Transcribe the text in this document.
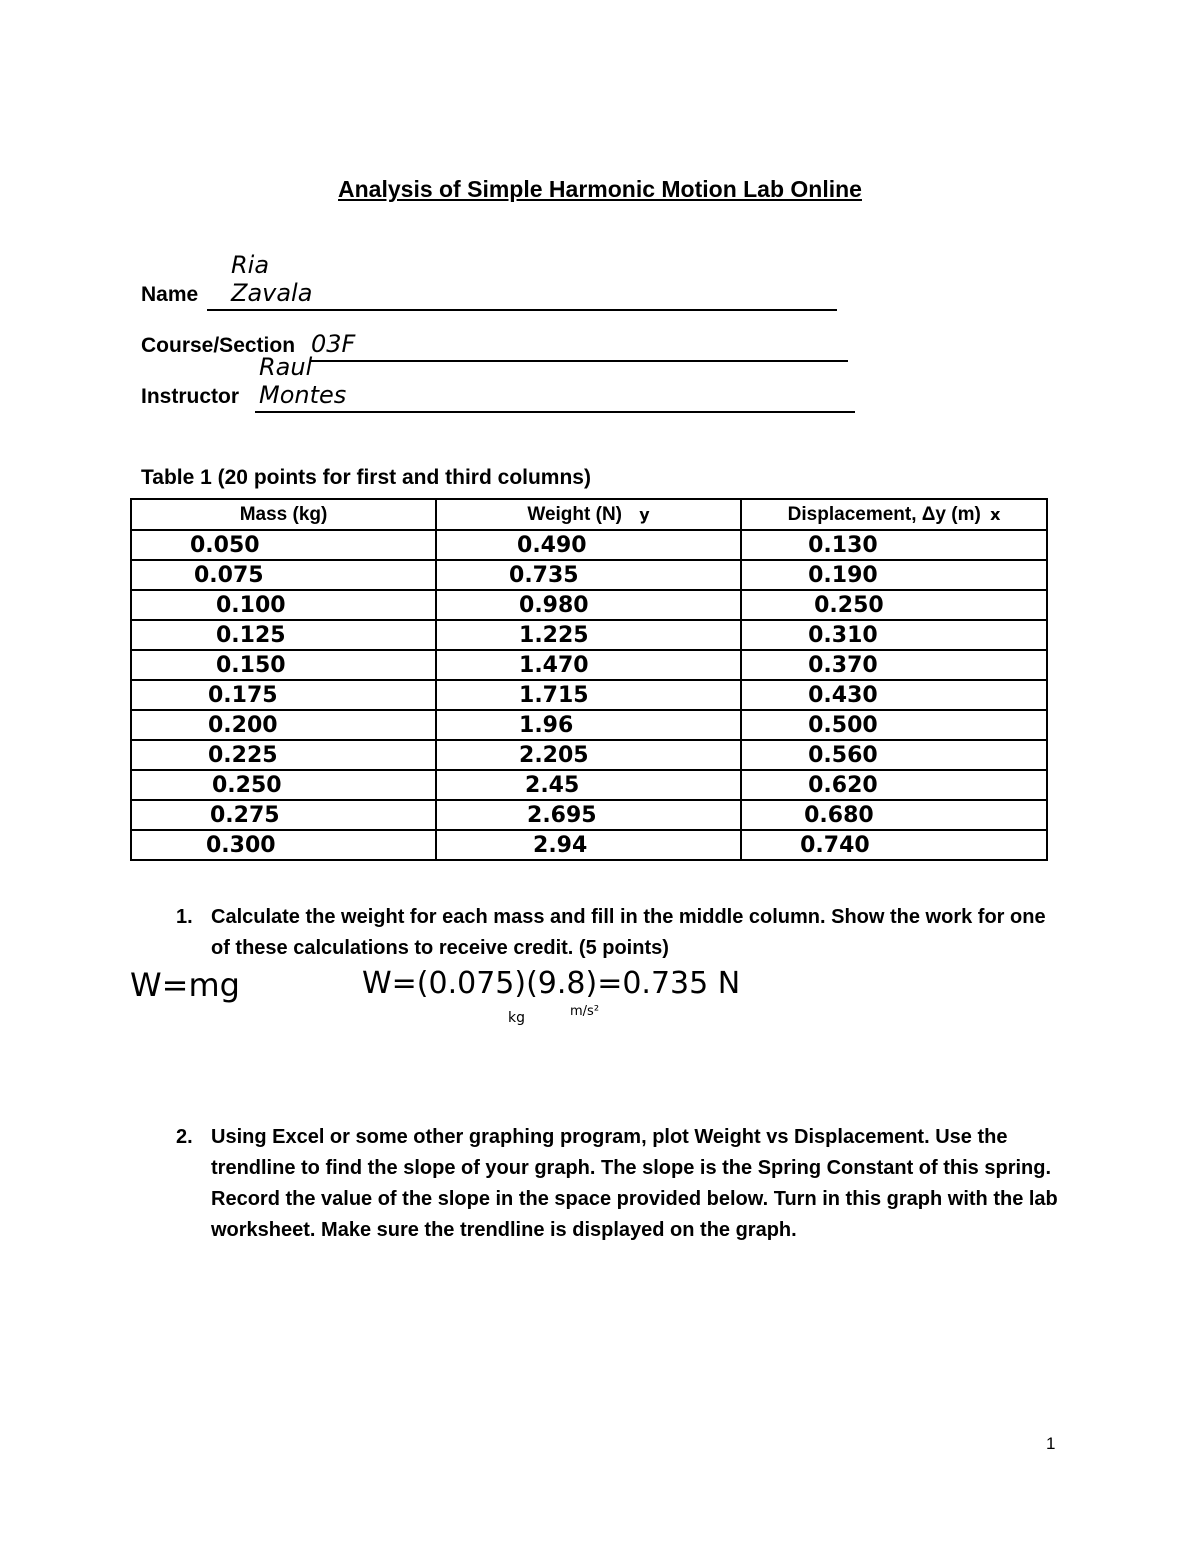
Analysis of Simple Harmonic Motion Lab Online
Name
Ria Zavala
Course/Section 03F
Instructor
Raul Montes
Table 1 (20 points for first and third columns)
Mass (kg)	Weight (N) y	Displacement, Δy (m) x
0.050	0.490	0.130
0.075	0.735	0.190
0.100	0.980	0.250
0.125	1.225	0.310
0.150	1.470	0.370
0.175	1.715	0.430
0.200	1.96	0.500
0.225	2.205	0.560
0.250	2.45	0.620
0.275	2.695	0.680
0.300	2.94	0.740
1. Calculate the weight for each mass and fill in the middle column. Show the work for one of these calculations to receive credit. (5 points)
W=mg	W=(0.075)(9.8)=0.735 N
kg	m/s²
2. Using Excel or some other graphing program, plot Weight vs Displacement. Use the trendline to find the slope of your graph. The slope is the Spring Constant of this spring. Record the value of the slope in the space provided below. Turn in this graph with the lab worksheet. Make sure the trendline is displayed on the graph.
1
